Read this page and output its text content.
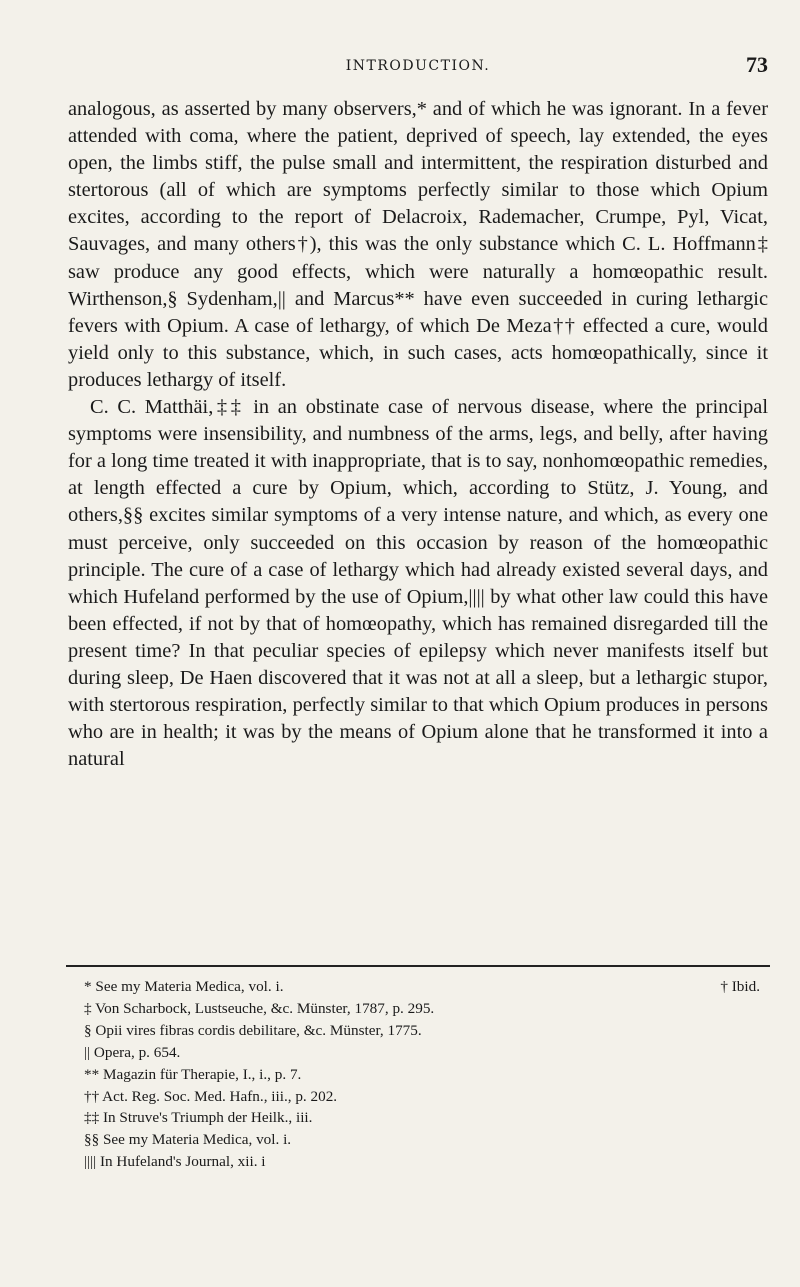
INTRODUCTION.	73

analogous, as asserted by many observers,* and of which he was ignorant. In a fever attended with coma, where the patient, deprived of speech, lay extended, the eyes open, the limbs stiff, the pulse small and intermittent, the respiration disturbed and stertorous (all of which are symptoms perfectly similar to those which Opium excites, according to the report of Delacroix, Rademacher, Crumpe, Pyl, Vicat, Sauvages, and many others†), this was the only substance which C. L. Hoffmann‡ saw produce any good effects, which were naturally a homœopathic result. Wirthenson,§ Sydenham,|| and Marcus** have even succeeded in curing lethargic fevers with Opium. A case of lethargy, of which De Meza†† effected a cure, would yield only to this substance, which, in such cases, acts homœopathically, since it produces lethargy of itself.

C. C. Matthäi,‡‡ in an obstinate case of nervous disease, where the principal symptoms were insensibility, and numbness of the arms, legs, and belly, after having for a long time treated it with inappropriate, that is to say, nonhomœopathic remedies, at length effected a cure by Opium, which, according to Stütz, J. Young, and others,§§ excites similar symptoms of a very intense nature, and which, as every one must perceive, only succeeded on this occasion by reason of the homœopathic principle. The cure of a case of lethargy which had already existed several days, and which Hufeland performed by the use of Opium,|||| by what other law could this have been effected, if not by that of homœopathy, which has remained disregarded till the present time? In that peculiar species of epilepsy which never manifests itself but during sleep, De Haen discovered that it was not at all a sleep, but a lethargic stupor, with stertorous respiration, perfectly similar to that which Opium produces in persons who are in health; it was by the means of Opium alone that he transformed it into a natural

* See my Materia Medica, vol. i.	† Ibid.
‡ Von Scharbock, Lustseuche, &c. Münster, 1787, p. 295.
§ Opii vires fibras cordis debilitare, &c. Münster, 1775.
|| Opera, p. 654.
** Magazin für Therapie, I., i., p. 7.
†† Act. Reg. Soc. Med. Hafn., iii., p. 202.
‡‡ In Struve's Triumph der Heilk., iii.
§§ See my Materia Medica, vol. i.
|||| In Hufeland's Journal, xii. i
